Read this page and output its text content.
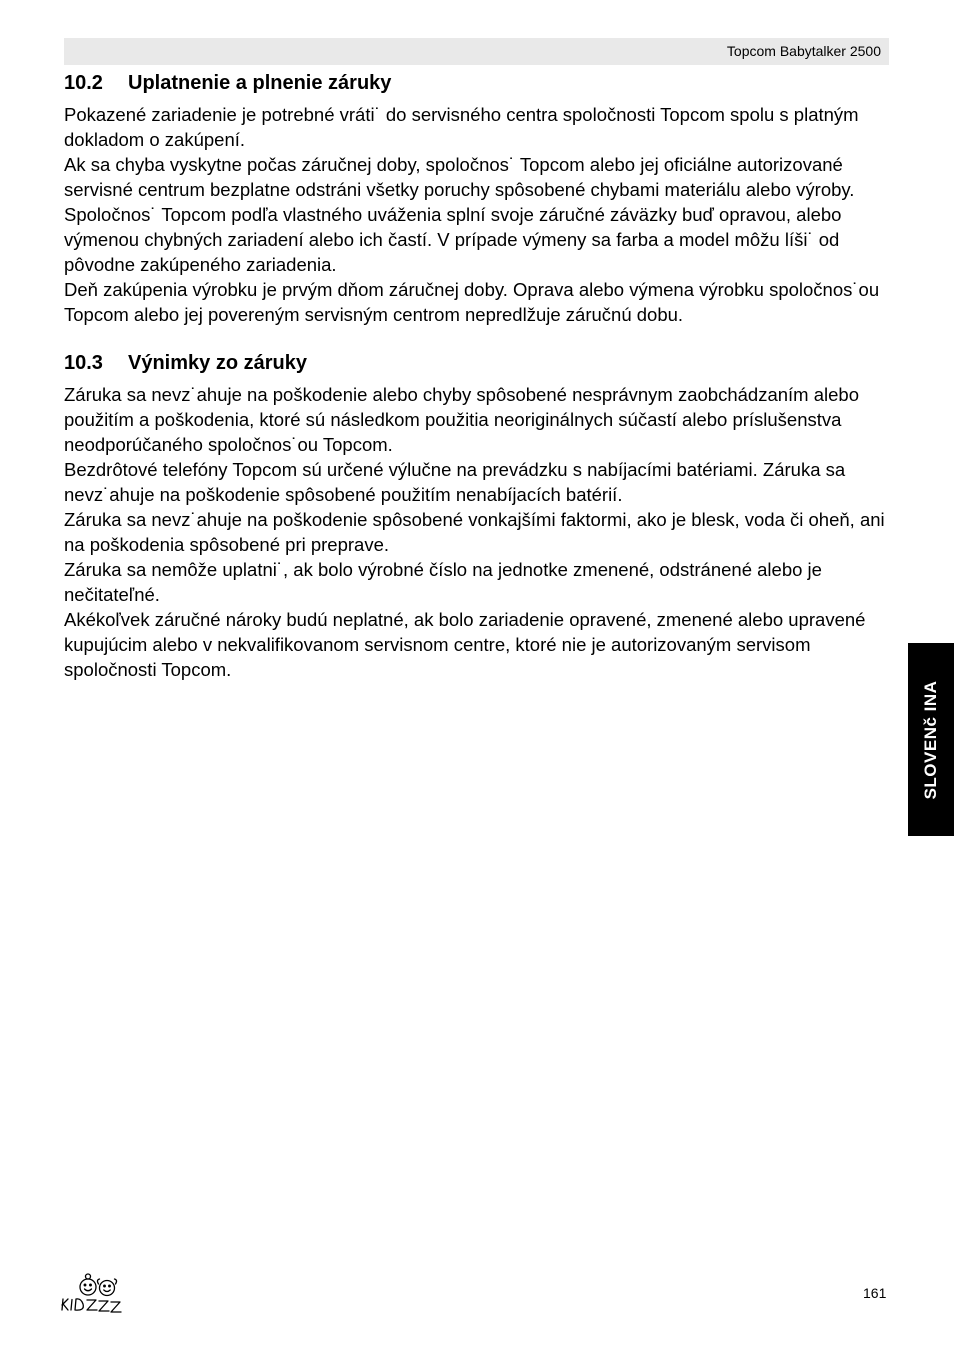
Topcom Babytalker 2500
10.2 Uplatnenie a plnenie záruky

Pokazené zariadenie je potrebné vráti˙ do servisného centra spoločnosti Topcom spolu s platným dokladom o zakúpení.

Ak sa chyba vyskytne počas záručnej doby, spoločnos˙ Topcom alebo jej oficiálne autorizované servisné centrum bezplatne odstráni všetky poruchy spôsobené chybami materiálu alebo výroby.

Spoločnos˙ Topcom podľa vlastného uváženia splní svoje záručné záväzky buď opravou, alebo výmenou chybných zariadení alebo ich častí. V prípade výmeny sa farba a model môžu líši˙ od pôvodne zakúpeného zariadenia.

Deň zakúpenia výrobku je prvým dňom záručnej doby. Oprava alebo výmena výrobku spoločnos˙ou Topcom alebo jej povereným servisným centrom nepredlžuje záručnú dobu.

10.3 Výnimky zo záruky

Záruka sa nevz˙ahuje na poškodenie alebo chyby spôsobené nesprávnym zaobchádzaním alebo použitím a poškodenia, ktoré sú následkom použitia neoriginálnych súčastí alebo príslušenstva neodporúčaného spoločnos˙ou Topcom.

Bezdrôtové telefóny Topcom sú určené výlučne na prevádzku s nabíjacími batériami. Záruka sa nevz˙ahuje na poškodenie spôsobené použitím nenabíjacích batérií.

Záruka sa nevz˙ahuje na poškodenie spôsobené vonkajšími faktormi, ako je blesk, voda či oheň, ani na poškodenia spôsobené pri preprave.

Záruka sa nemôže uplatni˙, ak bolo výrobné číslo na jednotke zmenené, odstránené alebo je nečitateľné.

Akékoľvek záručné nároky budú neplatné, ak bolo zariadenie opravené, zmenené alebo upravené kupujúcim alebo v nekvalifikovanom servisnom centre, ktoré nie je autorizovaným servisom spoločnosti Topcom.

SLOVENč INA
161
